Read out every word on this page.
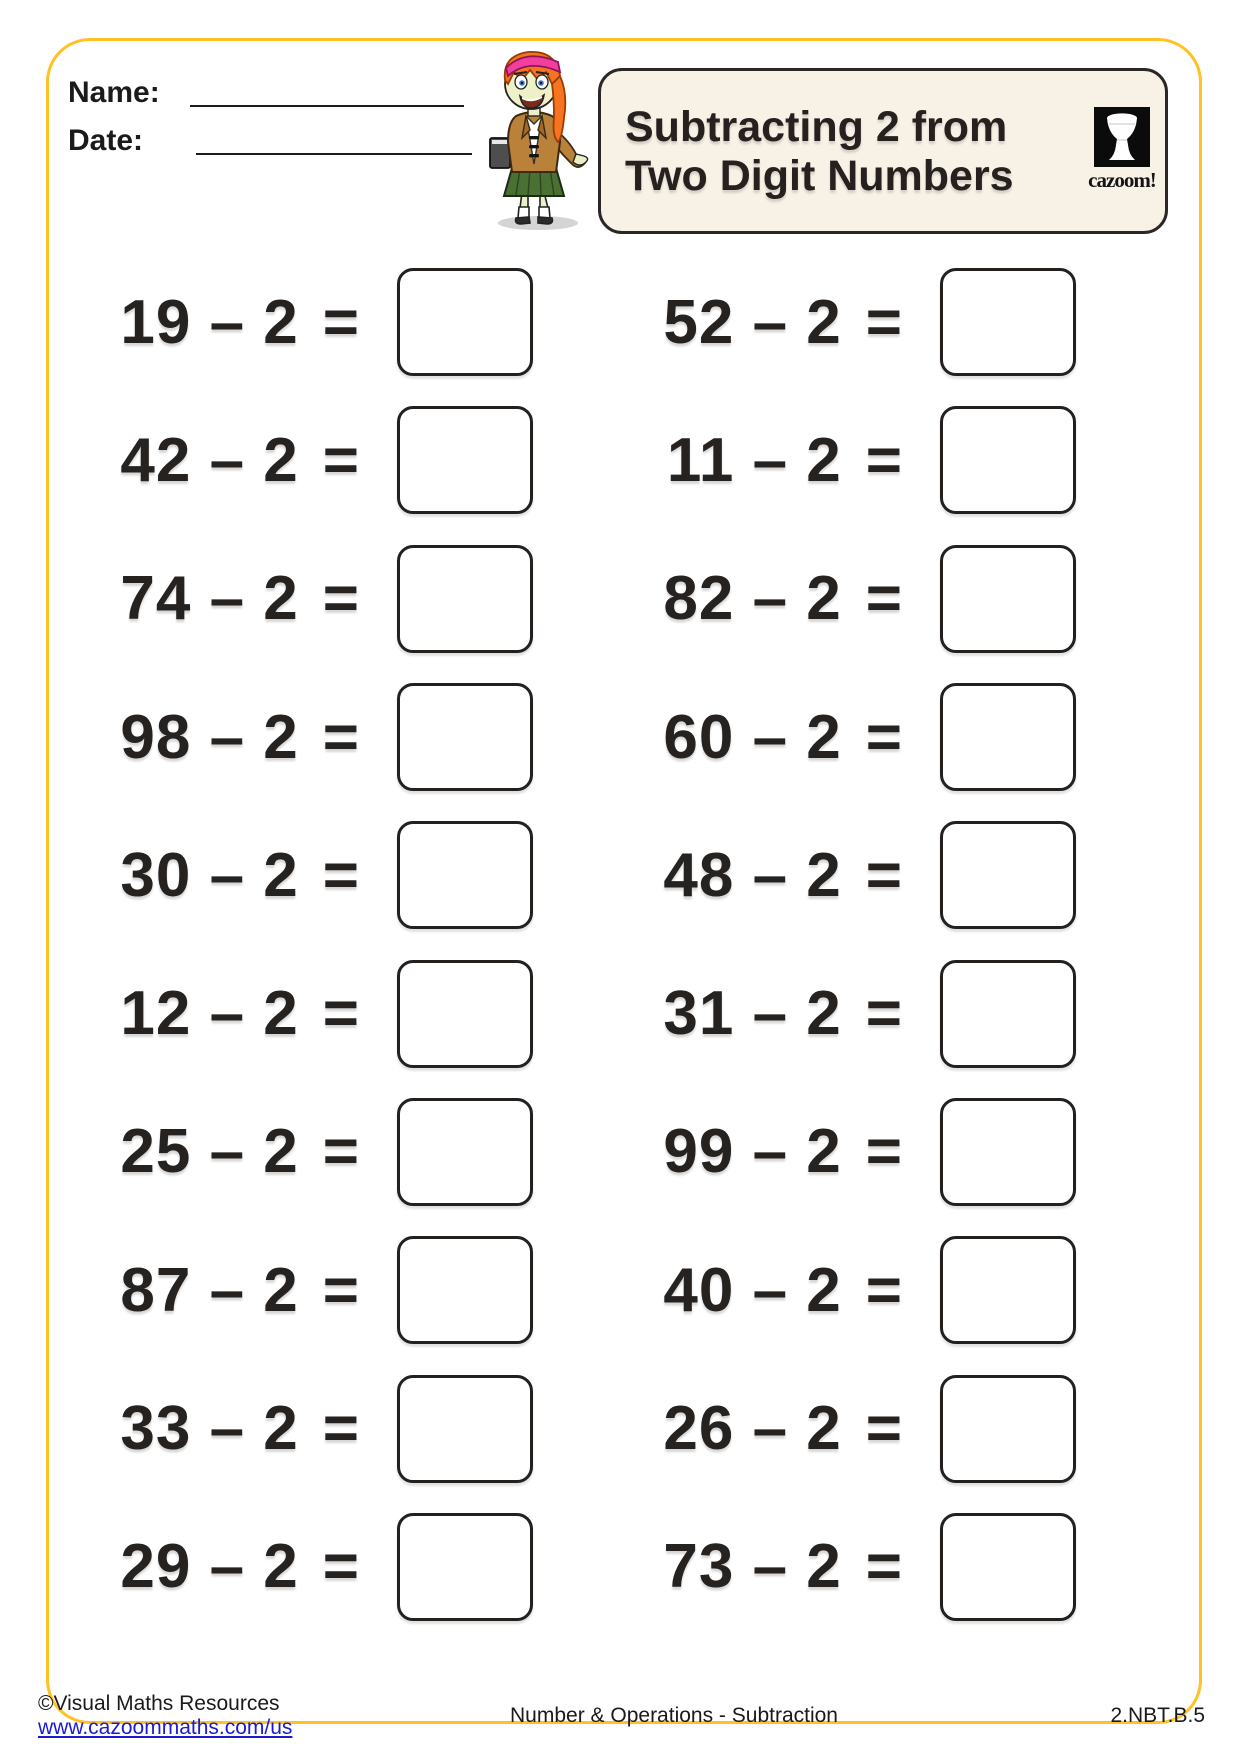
Name:
Date:	Subtracting 2 from
Two Digit Numbers	cazoom!
19 – 2 =
42 – 2 =
74 – 2 =
98 – 2 =
30 – 2 =
12 – 2 =
25 – 2 =
87 – 2 =
33 – 2 =
29 – 2 =
52 – 2 =
11 – 2 =
82 – 2 =
60 – 2 =
48 – 2 =
31 – 2 =
99 – 2 =
40 – 2 =
26 – 2 =
73 – 2 =
©Visual Maths Resources
www.cazoommaths.com/us
Number & Operations - Subtraction	2.NBT.B.5
